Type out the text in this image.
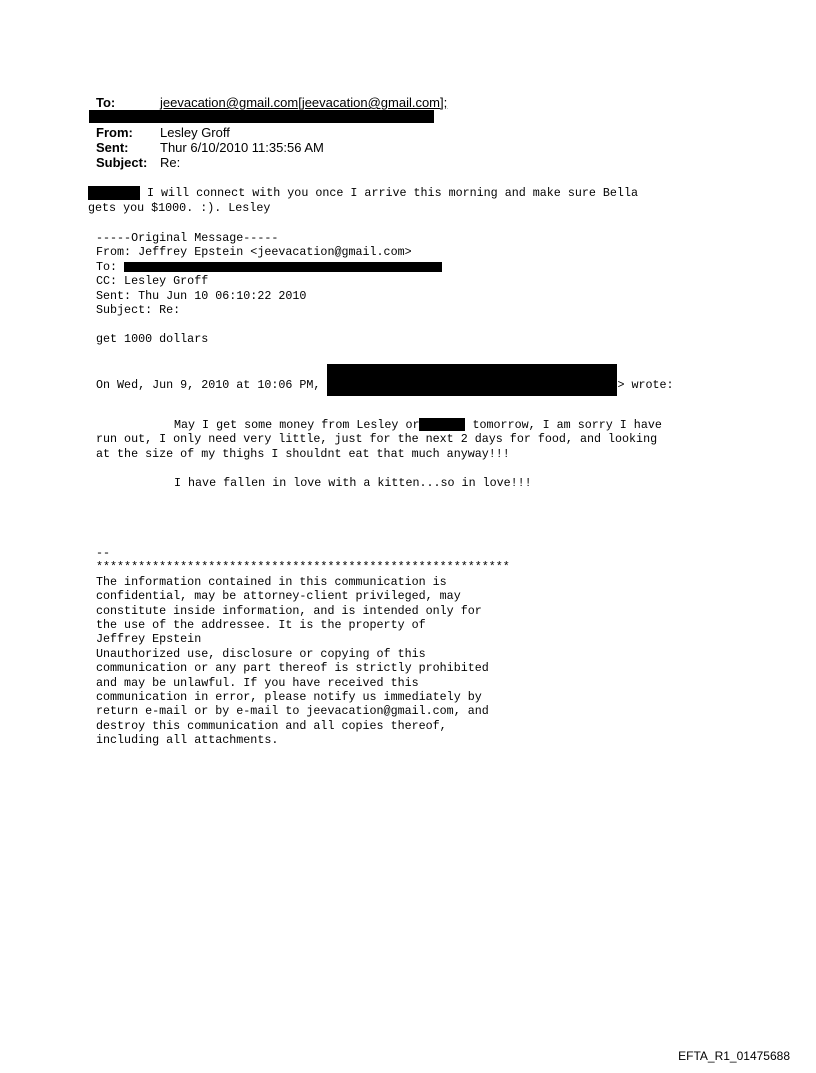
To:	jeevacation@gmail.com[jeevacation@gmail.com];
From:	Lesley Groff
Sent:	Thur 6/10/2010 11:35:56 AM
Subject: Re:
I will connect with you once I arrive this morning and make sure Bella
gets you $1000. :). Lesley
-----Original Message-----
From: Jeffrey Epstein <jeevacation@gmail.com>
To:
CC: Lesley Groff
Sent: Thu Jun 10 06:10:22 2010
Subject: Re:

get 1000 dollars
On Wed, Jun 9, 2010 at 10:06 PM,	> wrote:
May I get some money from Lesley or	tomorrow, I am sorry I have
run out, I only need very little, just for the next 2 days for food, and looking
at the size of my thighs I shouldnt eat that much anyway!!!

I have fallen in love with a kitten...so in love!!!
--
***********************************************************
The information contained in this communication is
confidential, may be attorney-client privileged, may
constitute inside information, and is intended only for
the use of the addressee. It is the property of
Jeffrey Epstein
Unauthorized use, disclosure or copying of this
communication or any part thereof is strictly prohibited
and may be unlawful. If you have received this
communication in error, please notify us immediately by
return e-mail or by e-mail to jeevacation@gmail.com, and
destroy this communication and all copies thereof,
including all attachments.
EFTA_R1_01475688
